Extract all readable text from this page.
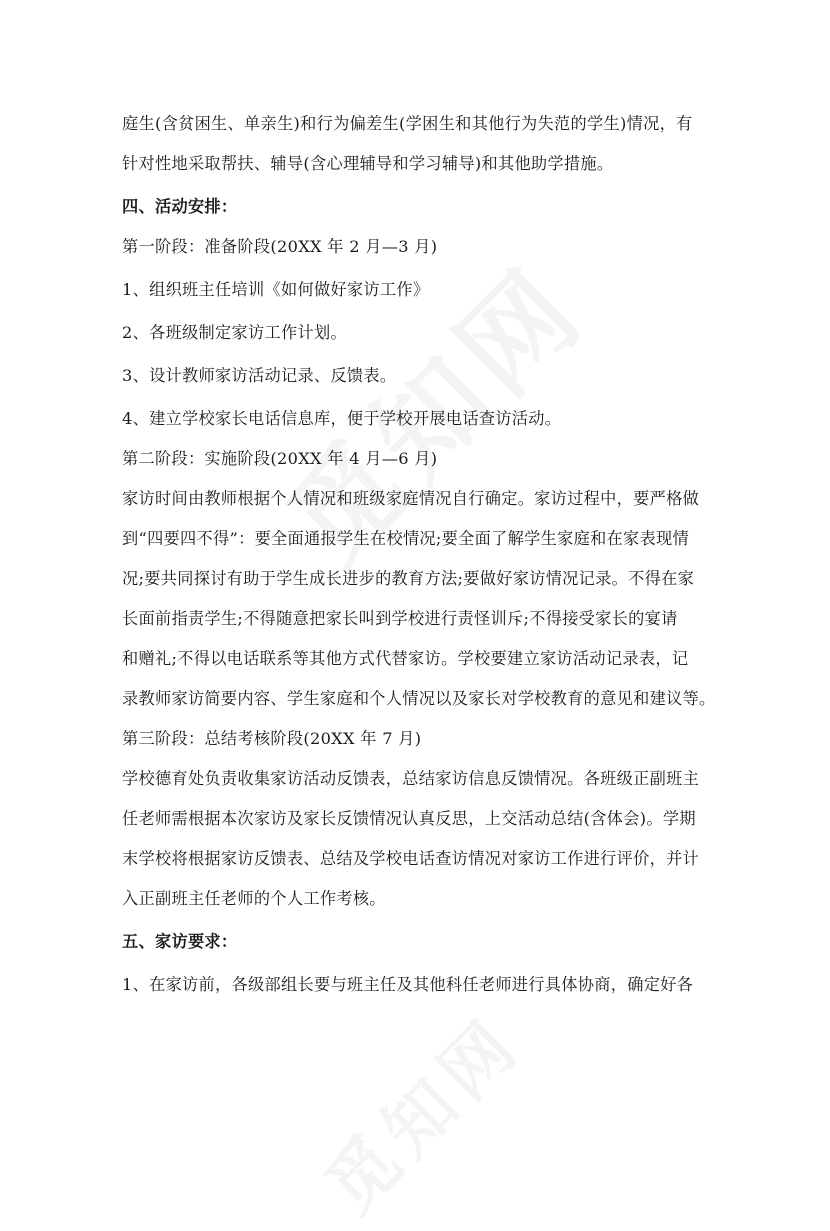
庭生(含贫困生、单亲生)和行为偏差生(学困生和其他行为失范的学生)情况，有
针对性地采取帮扶、辅导(含心理辅导和学习辅导)和其他助学措施。
四、活动安排：
第一阶段：准备阶段(20XX 年 2 月—3 月)
1、组织班主任培训《如何做好家访工作》
2、各班级制定家访工作计划。
3、设计教师家访活动记录、反馈表。
4、建立学校家长电话信息库，便于学校开展电话查访活动。
第二阶段：实施阶段(20XX 年 4 月—6 月)
家访时间由教师根据个人情况和班级家庭情况自行确定。家访过程中，要严格做
到“四要四不得”：要全面通报学生在校情况;要全面了解学生家庭和在家表现情
况;要共同探讨有助于学生成长进步的教育方法;要做好家访情况记录。不得在家
长面前指责学生;不得随意把家长叫到学校进行责怪训斥;不得接受家长的宴请
和赠礼;不得以电话联系等其他方式代替家访。学校要建立家访活动记录表，记
录教师家访简要内容、学生家庭和个人情况以及家长对学校教育的意见和建议等。
第三阶段：总结考核阶段(20XX 年 7 月)
学校德育处负责收集家访活动反馈表，总结家访信息反馈情况。各班级正副班主
任老师需根据本次家访及家长反馈情况认真反思，上交活动总结(含体会)。学期
末学校将根据家访反馈表、总结及学校电话查访情况对家访工作进行评价，并计
入正副班主任老师的个人工作考核。
五、家访要求：
1、在家访前，各级部组长要与班主任及其他科任老师进行具体协商，确定好各
